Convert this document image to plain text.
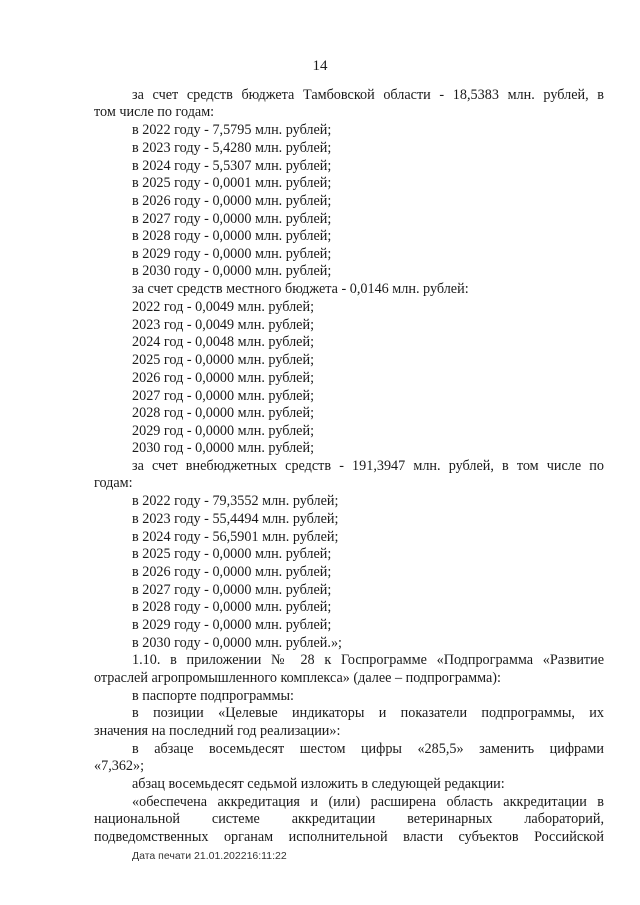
14
за счет средств бюджета Тамбовской области - 18,5383 млн. рублей, в
том числе по годам:
в 2022 году - 7,5795 млн. рублей;
в 2023 году - 5,4280 млн. рублей;
в 2024 году - 5,5307 млн. рублей;
в 2025 году - 0,0001 млн. рублей;
в 2026 году - 0,0000 млн. рублей;
в 2027 году - 0,0000 млн. рублей;
в 2028 году - 0,0000 млн. рублей;
в 2029 году - 0,0000 млн. рублей;
в 2030 году - 0,0000 млн. рублей;
за счет средств местного бюджета - 0,0146 млн. рублей:
2022 год - 0,0049 млн. рублей;
2023 год - 0,0049 млн. рублей;
2024 год - 0,0048 млн. рублей;
2025 год - 0,0000 млн. рублей;
2026 год - 0,0000 млн. рублей;
2027 год - 0,0000 млн. рублей;
2028 год - 0,0000 млн. рублей;
2029 год - 0,0000 млн. рублей;
2030 год - 0,0000 млн. рублей;
за счет внебюджетных средств - 191,3947 млн. рублей, в том числе по
годам:
в 2022 году - 79,3552 млн. рублей;
в 2023 году - 55,4494 млн. рублей;
в 2024 году - 56,5901 млн. рублей;
в 2025 году - 0,0000 млн. рублей;
в 2026 году - 0,0000 млн. рублей;
в 2027 году - 0,0000 млн. рублей;
в 2028 году - 0,0000 млн. рублей;
в 2029 году - 0,0000 млн. рублей;
в 2030 году - 0,0000 млн. рублей.»;
1.10. в приложении № 28 к Госпрограмме «Подпрограмма «Развитие
отраслей агропромышленного комплекса» (далее – подпрограмма):
в паспорте подпрограммы:
в позиции «Целевые индикаторы и показатели подпрограммы, их
значения на последний год реализации»:
в абзаце восемьдесят шестом цифры «285,5» заменить цифрами
«7,362»;
абзац восемьдесят седьмой изложить в следующей редакции:
«обеспечена аккредитация и (или) расширена область аккредитации в
национальной системе аккредитации ветеринарных лабораторий,
подведомственных органам исполнительной власти субъектов Российской
Дата печати 21.01.202216:11:22
